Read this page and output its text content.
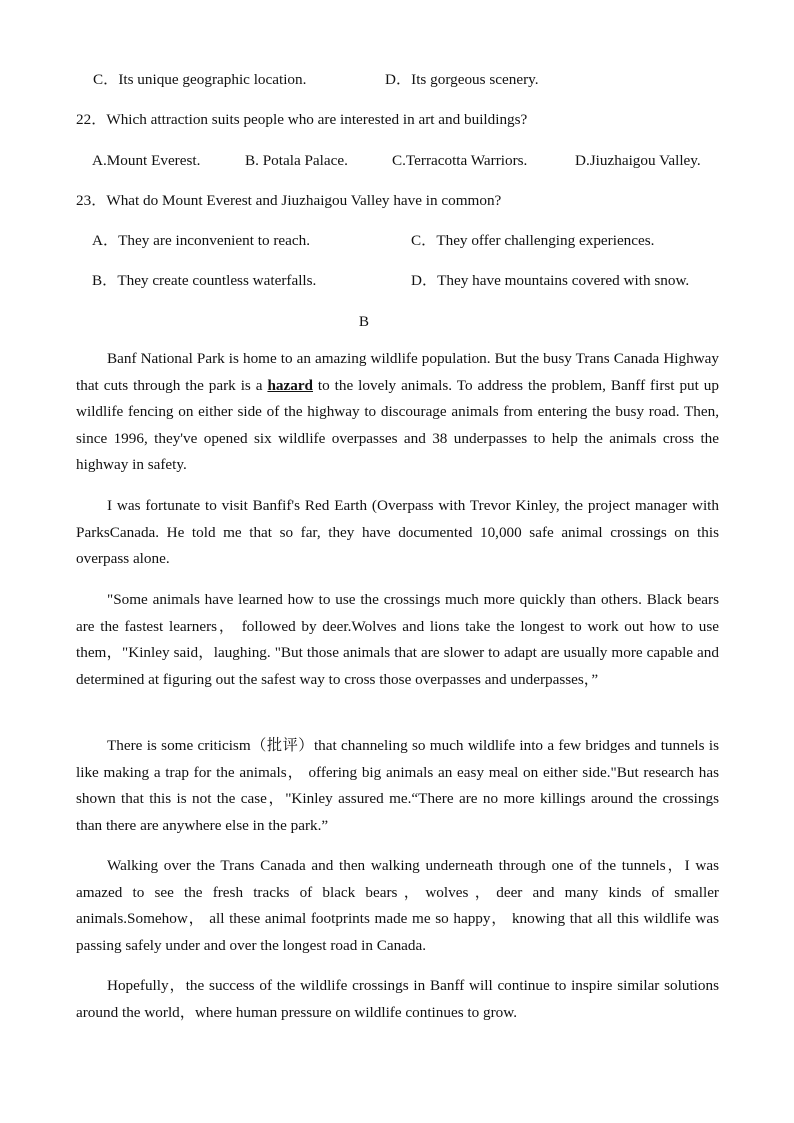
C．Its unique geographic location.	D．Its gorgeous scenery.
22．Which attraction suits people who are interested in art and buildings?
A.Mount Everest.	B. Potala Palace.	C.Terracotta Warriors.	D.Jiuzhaigou Valley.
23．What do Mount Everest and Jiuzhaigou Valley have in common?
A．They are inconvenient to reach.	C．They offer challenging experiences.
B．They create countless waterfalls.	D．They have mountains covered with snow.
B
Banf National Park is home to an amazing wildlife population. But the busy Trans Canada Highway that cuts through the park is a hazard to the lovely animals. To address the problem, Banff first put up wildlife fencing on either side of the highway to discourage animals from entering the busy road. Then, since 1996, they've opened six wildlife overpasses and 38 underpasses to help the animals cross the highway in safety.
I was fortunate to visit Banfif's Red Earth (Overpass with Trevor Kinley, the project manager with ParksCanada. He told me that so far, they have documented 10,000 safe animal crossings on this overpass alone.
"Some animals have learned how to use the crossings much more quickly than others. Black bears are the fastest learners， followed by deer.Wolves and lions take the longest to work out how to use them，"Kinley said，laughing. "But those animals that are slower to adapt are usually more capable and determined at figuring out the safest way to cross those overpasses and underpasses，”
There is some criticism（批评）that channeling so much wildlife into a few bridges and tunnels is like making a trap for the animals， offering big animals an easy meal on either side."But research has shown that this is not the case，"Kinley assured me.“There are no more killings around the crossings than there are anywhere else in the park.”
Walking over the Trans Canada and then walking underneath through one of the tunnels，I was amazed to see the fresh tracks of black bears，wolves，deer and many kinds of smaller animals.Somehow， all these animal footprints made me so happy， knowing that all this wildlife was passing safely under and over the longest road in Canada.
Hopefully，the success of the wildlife crossings in Banff will continue to inspire similar solutions around the world，where human pressure on wildlife continues to grow.
